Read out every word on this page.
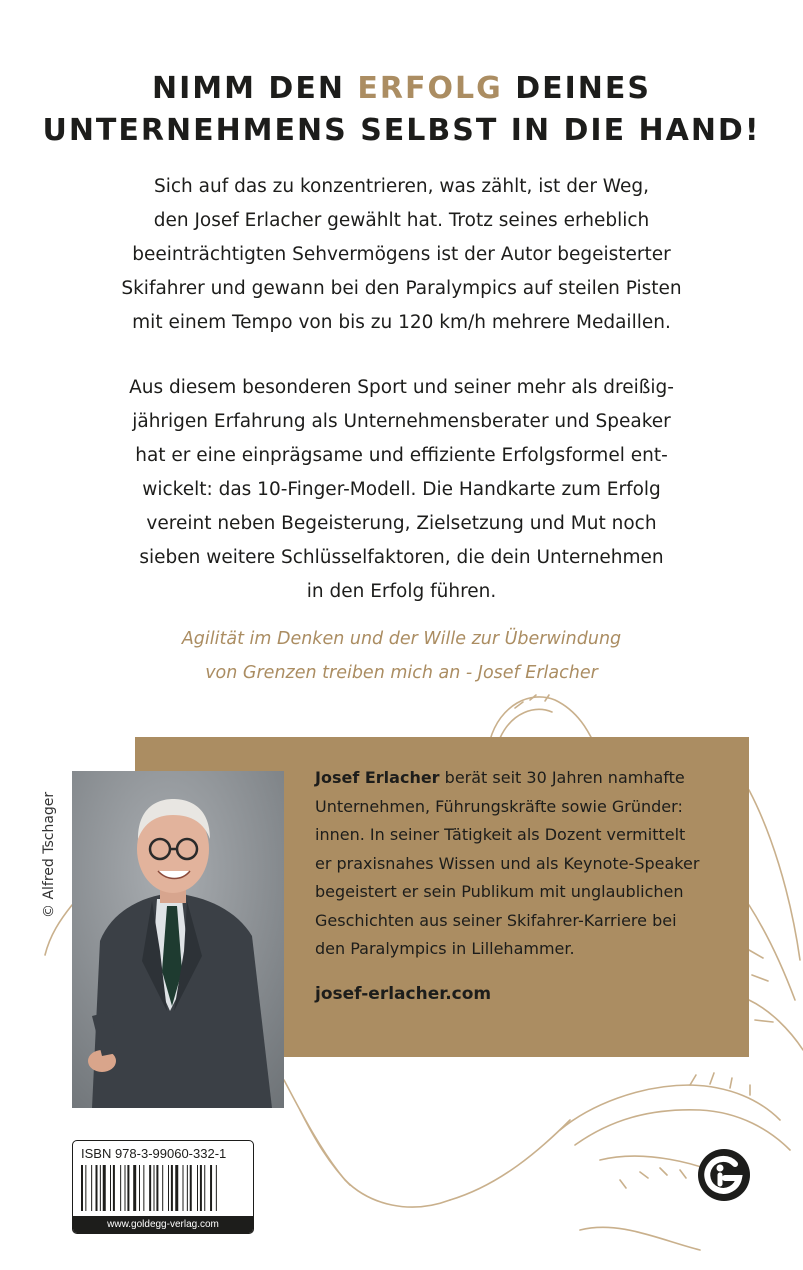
NIMM DEN ERFOLG DEINES
UNTERNEHMENS SELBST IN DIE HAND!
Sich auf das zu konzentrieren, was zählt, ist der Weg,
den Josef Erlacher gewählt hat. Trotz seines erheblich
beeinträchtigten Sehvermögens ist der Autor begeisterter
Skifahrer und gewann bei den Paralympics auf steilen Pisten
mit einem Tempo von bis zu 120 km/h mehrere Medaillen.
Aus diesem besonderen Sport und seiner mehr als dreißig-
jährigen Erfahrung als Unternehmensberater und Speaker
hat er eine einprägsame und effiziente Erfolgsformel ent-
wickelt: das 10-Finger-Modell. Die Handkarte zum Erfolg
vereint neben Begeisterung, Zielsetzung und Mut noch
sieben weitere Schlüsselfaktoren, die dein Unternehmen
in den Erfolg führen.
Agilität im Denken und der Wille zur Überwindung
von Grenzen treiben mich an - Josef Erlacher
© Alfred Tschager
Josef Erlacher berät seit 30 Jahren namhafte
Unternehmen, Führungskräfte sowie Gründer:
innen. In seiner Tätigkeit als Dozent vermittelt
er praxisnahes Wissen und als Keynote-Speaker
begeistert er sein Publikum mit unglaublichen
Geschichten aus seiner Skifahrer-Karriere bei
den Paralympics in Lillehammer.
josef-erlacher.com
ISBN 978-3-99060-332-1
www.goldegg-verlag.com
